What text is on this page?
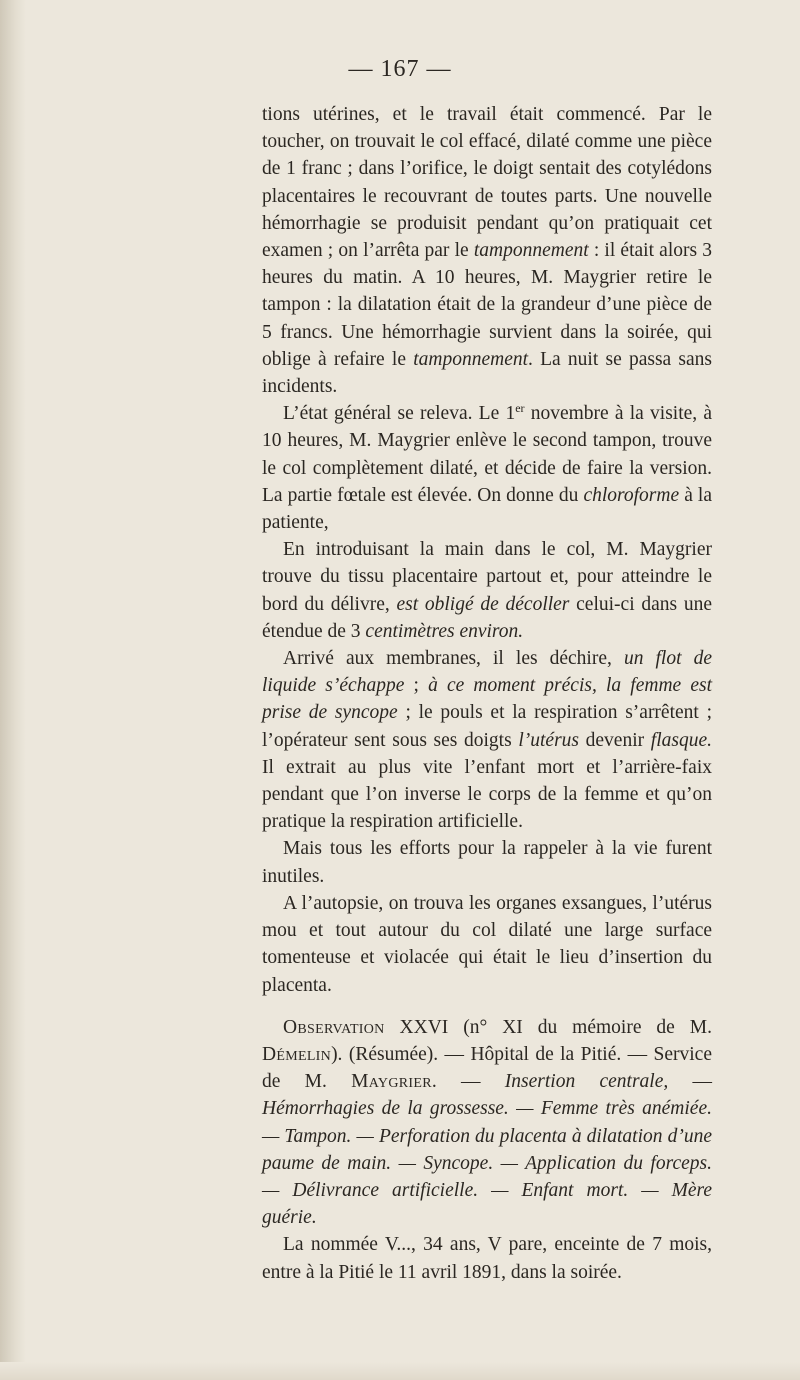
— 167 —

tions utérines, et le travail était commencé. Par le toucher, on trouvait le col effacé, dilaté comme une pièce de 1 franc ; dans l’orifice, le doigt sentait des cotylédons placentaires le recouvrant de toutes parts. Une nouvelle hémorrhagie se produisit pendant qu’on pratiquait cet examen ; on l’arrêta par le tamponnement : il était alors 3 heures du matin. A 10 heures, M. Maygrier retire le tampon : la dilatation était de la grandeur d’une pièce de 5 francs. Une hémorrhagie survient dans la soirée, qui oblige à refaire le tamponnement. La nuit se passa sans incidents.

L’état général se releva. Le 1er novembre à la visite, à 10 heures, M. Maygrier enlève le second tampon, trouve le col complètement dilaté, et décide de faire la version. La partie fœtale est élevée. On donne du chloroforme à la patiente,

En introduisant la main dans le col, M. Maygrier trouve du tissu placentaire partout et, pour atteindre le bord du délivre, est obligé de décoller celui-ci dans une étendue de 3 centimètres environ.

Arrivé aux membranes, il les déchire, un flot de liquide s’échappe ; à ce moment précis, la femme est prise de syncope ; le pouls et la respiration s’arrêtent ; l’opérateur sent sous ses doigts l’utérus devenir flasque. Il extrait au plus vite l’enfant mort et l’arrière-faix pendant que l’on inverse le corps de la femme et qu’on pratique la respiration artificielle.

Mais tous les efforts pour la rappeler à la vie furent inutiles.

A l’autopsie, on trouva les organes exsangues, l’utérus mou et tout autour du col dilaté une large surface tomenteuse et violacée qui était le lieu d’insertion du placenta.

Observation XXVI (n° XI du mémoire de M. Démelin). (Résumée). — Hôpital de la Pitié. — Service de M. Maygrier. — Insertion centrale, — Hémorrhagies de la grossesse. — Femme très anémiée. — Tampon. — Perforation du placenta à dilatation d’une paume de main. — Syncope. — Application du forceps. — Délivrance artificielle. — Enfant mort. — Mère guérie.

La nommée V..., 34 ans, V pare, enceinte de 7 mois, entre à la Pitié le 11 avril 1891, dans la soirée.
